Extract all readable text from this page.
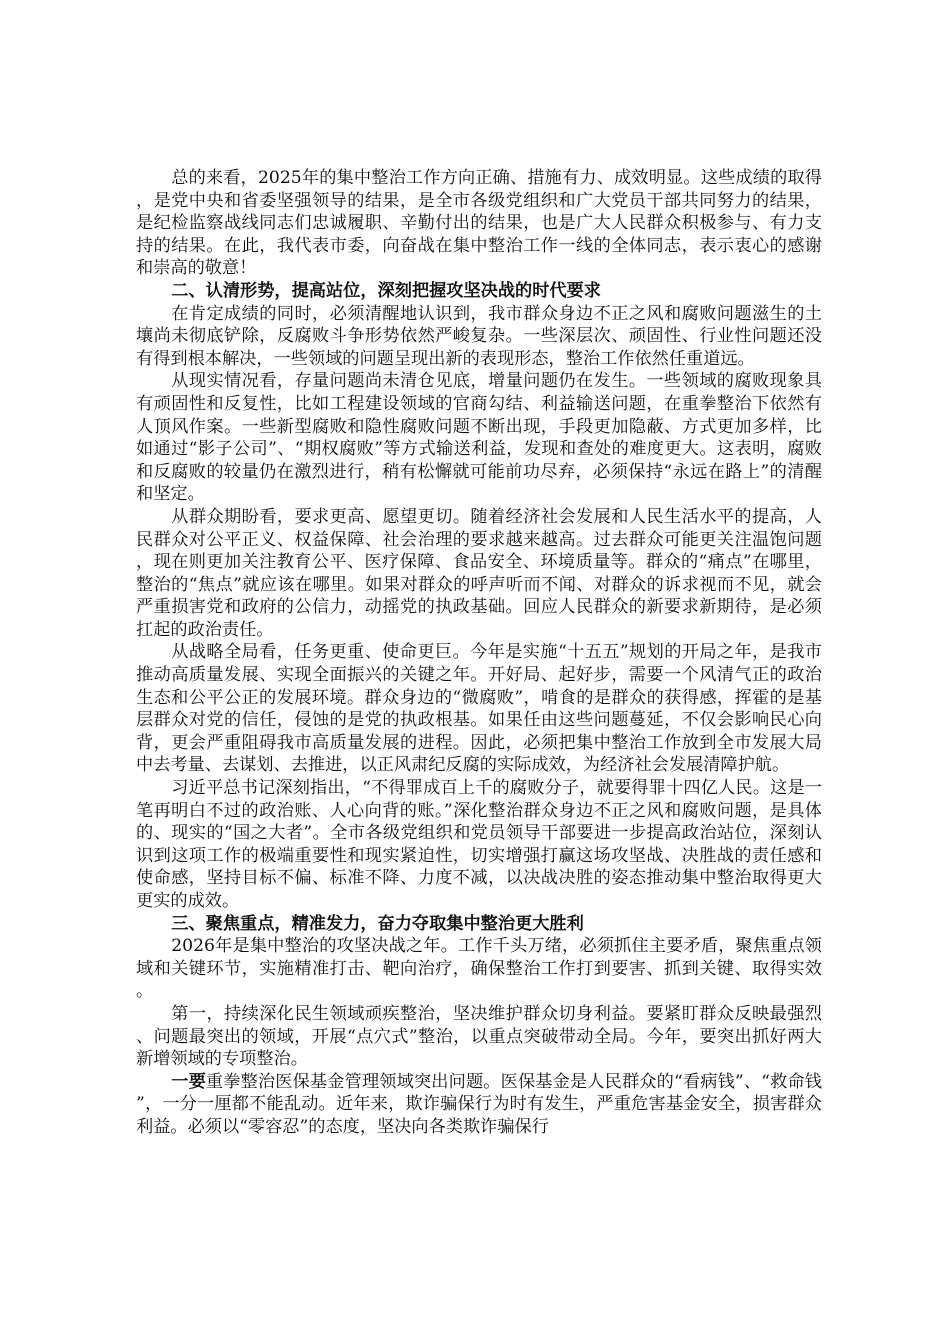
总的来看，2025年的集中整治工作方向正确、措施有力、成效明显。这些成绩的取得，是党中央和省委坚强领导的结果，是全市各级党组织和广大党员干部共同努力的结果，是纪检监察战线同志们忠诚履职、辛勤付出的结果，也是广大人民群众积极参与、有力支持的结果。在此，我代表市委，向奋战在集中整治工作一线的全体同志，表示衷心的感谢和崇高的敬意！

二、认清形势，提高站位，深刻把握攻坚决战的时代要求

在肯定成绩的同时，必须清醒地认识到，我市群众身边不正之风和腐败问题滋生的土壤尚未彻底铲除，反腐败斗争形势依然严峻复杂。一些深层次、顽固性、行业性问题还没有得到根本解决，一些领域的问题呈现出新的表现形态，整治工作依然任重道远。

从现实情况看，存量问题尚未清仓见底，增量问题仍在发生。一些领域的腐败现象具有顽固性和反复性，比如工程建设领域的官商勾结、利益输送问题，在重拳整治下依然有人顶风作案。一些新型腐败和隐性腐败问题不断出现，手段更加隐蔽、方式更加多样，比如通过“影子公司”、“期权腐败”等方式输送利益，发现和查处的难度更大。这表明，腐败和反腐败的较量仍在激烈进行，稍有松懈就可能前功尽弃，必须保持“永远在路上”的清醒和坚定。

从群众期盼看，要求更高、愿望更切。随着经济社会发展和人民生活水平的提高，人民群众对公平正义、权益保障、社会治理的要求越来越高。过去群众可能更关注温饱问题，现在则更加关注教育公平、医疗保障、食品安全、环境质量等。群众的“痛点”在哪里，整治的“焦点”就应该在哪里。如果对群众的呼声听而不闻、对群众的诉求视而不见，就会严重损害党和政府的公信力，动摇党的执政基础。回应人民群众的新要求新期待，是必须扛起的政治责任。

从战略全局看，任务更重、使命更巨。今年是实施“十五五”规划的开局之年，是我市推动高质量发展、实现全面振兴的关键之年。开好局、起好步，需要一个风清气正的政治生态和公平公正的发展环境。群众身边的“微腐败”，啃食的是群众的获得感，挥霍的是基层群众对党的信任，侵蚀的是党的执政根基。如果任由这些问题蔓延，不仅会影响民心向背，更会严重阻碍我市高质量发展的进程。因此，必须把集中整治工作放到全市发展大局中去考量、去谋划、去推进，以正风肃纪反腐的实际成效，为经济社会发展清障护航。

习近平总书记深刻指出，“不得罪成百上千的腐败分子，就要得罪十四亿人民。这是一笔再明白不过的政治账、人心向背的账。”深化整治群众身边不正之风和腐败问题，是具体的、现实的“国之大者”。全市各级党组织和党员领导干部要进一步提高政治站位，深刻认识到这项工作的极端重要性和现实紧迫性，切实增强打赢这场攻坚战、决胜战的责任感和使命感，坚持目标不偏、标准不降、力度不减，以决战决胜的姿态推动集中整治取得更大更实的成效。

三、聚焦重点，精准发力，奋力夺取集中整治更大胜利

2026年是集中整治的攻坚决战之年。工作千头万绪，必须抓住主要矛盾，聚焦重点领域和关键环节，实施精准打击、靶向治疗，确保整治工作打到要害、抓到关键、取得实效。

第一，持续深化民生领域顽疾整治，坚决维护群众切身利益。要紧盯群众反映最强烈、问题最突出的领域，开展“点穴式”整治，以重点突破带动全局。今年，要突出抓好两大新增领域的专项整治。

一要重拳整治医保基金管理领域突出问题。医保基金是人民群众的“看病钱”、“救命钱”，一分一厘都不能乱动。近年来，欺诈骗保行为时有发生，严重危害基金安全，损害群众利益。必须以“零容忍”的态度，坚决向各类欺诈骗保行
